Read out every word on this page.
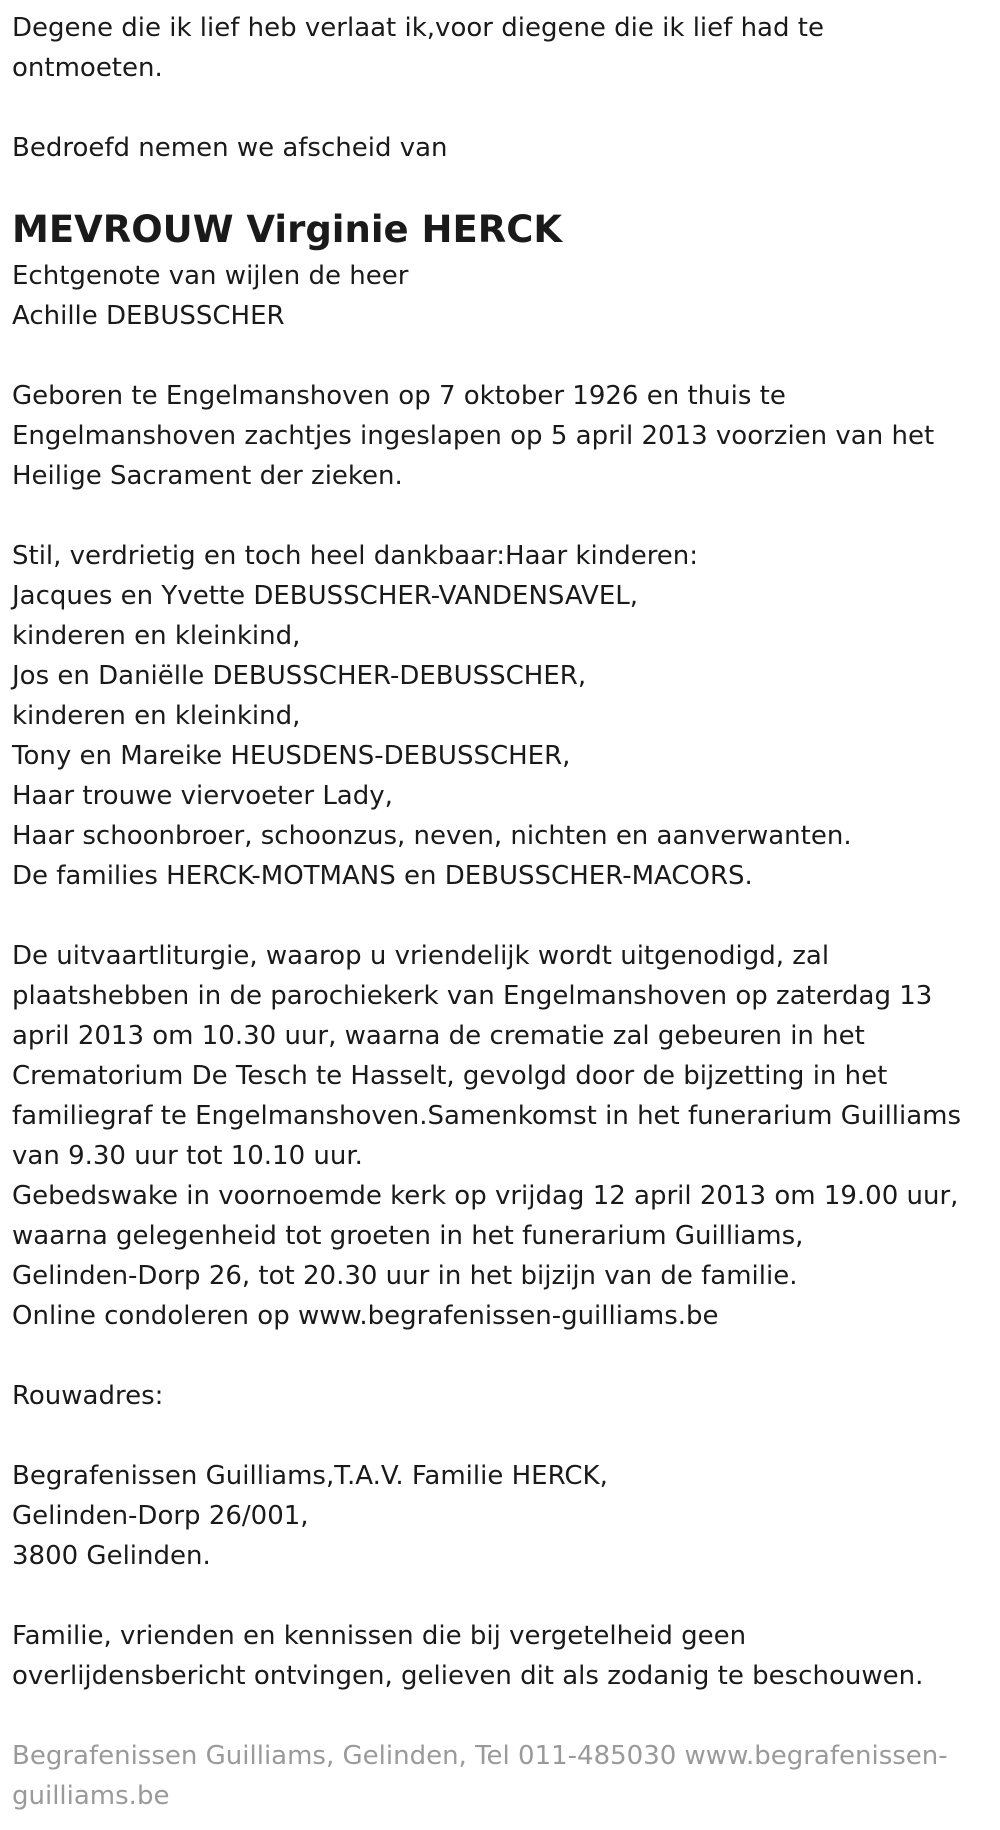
Degene die ik lief heb verlaat ik,voor diegene die ik lief had te

ontmoeten.

Bedroefd nemen we afscheid van

MEVROUW Virginie HERCK

Echtgenote van wijlen de heer

Achille DEBUSSCHER

Geboren te Engelmanshoven op 7 oktober 1926 en thuis te

Engelmanshoven zachtjes ingeslapen op 5 april 2013 voorzien van het

Heilige Sacrament der zieken.

Stil, verdrietig en toch heel dankbaar:Haar kinderen:

Jacques en Yvette DEBUSSCHER-VANDENSAVEL,

kinderen en kleinkind,

Jos en Daniëlle DEBUSSCHER-DEBUSSCHER,

kinderen en kleinkind,

Tony en Mareike HEUSDENS-DEBUSSCHER,

Haar trouwe viervoeter Lady,

Haar schoonbroer, schoonzus, neven, nichten en aanverwanten.

De families HERCK-MOTMANS en DEBUSSCHER-MACORS.

De uitvaartliturgie, waarop u vriendelijk wordt uitgenodigd, zal

plaatshebben in de parochiekerk van Engelmanshoven op zaterdag 13

april 2013 om 10.30 uur, waarna de crematie zal gebeuren in het

Crematorium De Tesch te Hasselt, gevolgd door de bijzetting in het

familiegraf te Engelmanshoven.Samenkomst in het funerarium Guilliams

van 9.30 uur tot 10.10 uur.

Gebedswake in voornoemde kerk op vrijdag 12 april 2013 om 19.00 uur,

waarna gelegenheid tot groeten in het funerarium Guilliams,

Gelinden-Dorp 26, tot 20.30 uur in het bijzijn van de familie.

Online condoleren op www.begrafenissen-guilliams.be

Rouwadres:

Begrafenissen Guilliams,T.A.V. Familie HERCK,

Gelinden-Dorp 26/001,

3800 Gelinden.

Familie, vrienden en kennissen die bij vergetelheid geen

overlijdensbericht ontvingen, gelieven dit als zodanig te beschouwen.

Begrafenissen Guilliams, Gelinden, Tel 011-485030 www.begrafenissen-

guilliams.be
